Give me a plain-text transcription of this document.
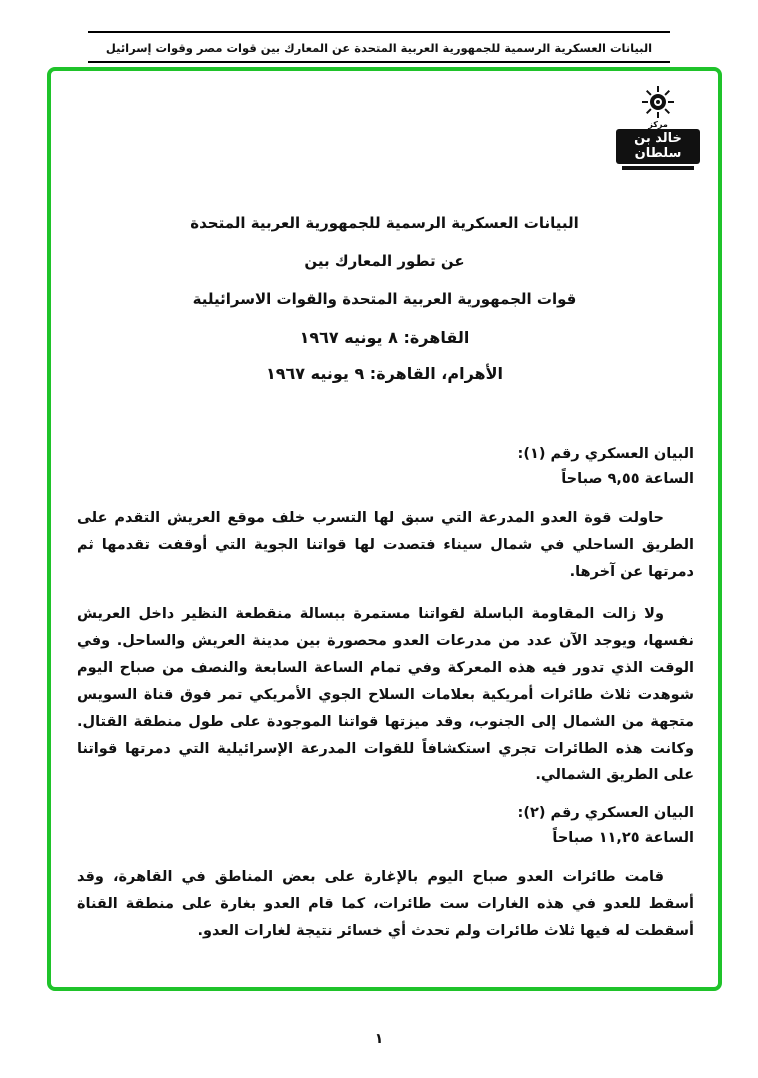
البيانات العسكرية الرسمية للجمهورية العربية المتحدة عن المعارك بين قوات مصر وقوات إسرائيل
مركز
خالد بن سلطان
البيانات العسكرية الرسمية للجمهورية العربية المتحدة
عن تطور المعارك بين
قوات الجمهورية العربية المتحدة والقوات الاسرائيلية
القاهرة: ٨ يونيه ١٩٦٧
الأهرام، القاهرة: ٩ يونيه ١٩٦٧
البيان العسكري رقم (١):
الساعة ٩,٥٥ صباحاً

حاولت قوة العدو المدرعة التي سبق لها التسرب خلف موقع العريش التقدم على الطريق الساحلي في شمال سيناء فتصدت لها قواتنا الجوية التي أوقفت تقدمها ثم دمرتها عن آخرها.

ولا زالت المقاومة الباسلة لقواتنا مستمرة ببسالة منقطعة النظير داخل العريش نفسها، ويوجد الآن عدد من مدرعات العدو محصورة بين مدينة العريش والساحل. وفي الوقت الذي تدور فيه هذه المعركة وفي تمام الساعة السابعة والنصف من صباح اليوم شوهدت ثلاث طائرات أمريكية بعلامات السلاح الجوي الأمريكي تمر فوق قناة السويس متجهة من الشمال إلى الجنوب، وقد ميزتها قواتنا الموجودة على طول منطقة القتال. وكانت هذه الطائرات تجري استكشافاً للقوات المدرعة الإسرائيلية التي دمرتها قواتنا على الطريق الشمالي.

البيان العسكري رقم (٢):
الساعة ١١,٢٥ صباحاً

قامت طائرات العدو صباح اليوم بالإغارة على بعض المناطق في القاهرة، وقد أسقط للعدو في هذه الغارات ست طائرات، كما قام العدو بغارة على منطقة القناة أسقطت له فيها ثلاث طائرات ولم تحدث أي خسائر نتيجة لغارات العدو.

١
